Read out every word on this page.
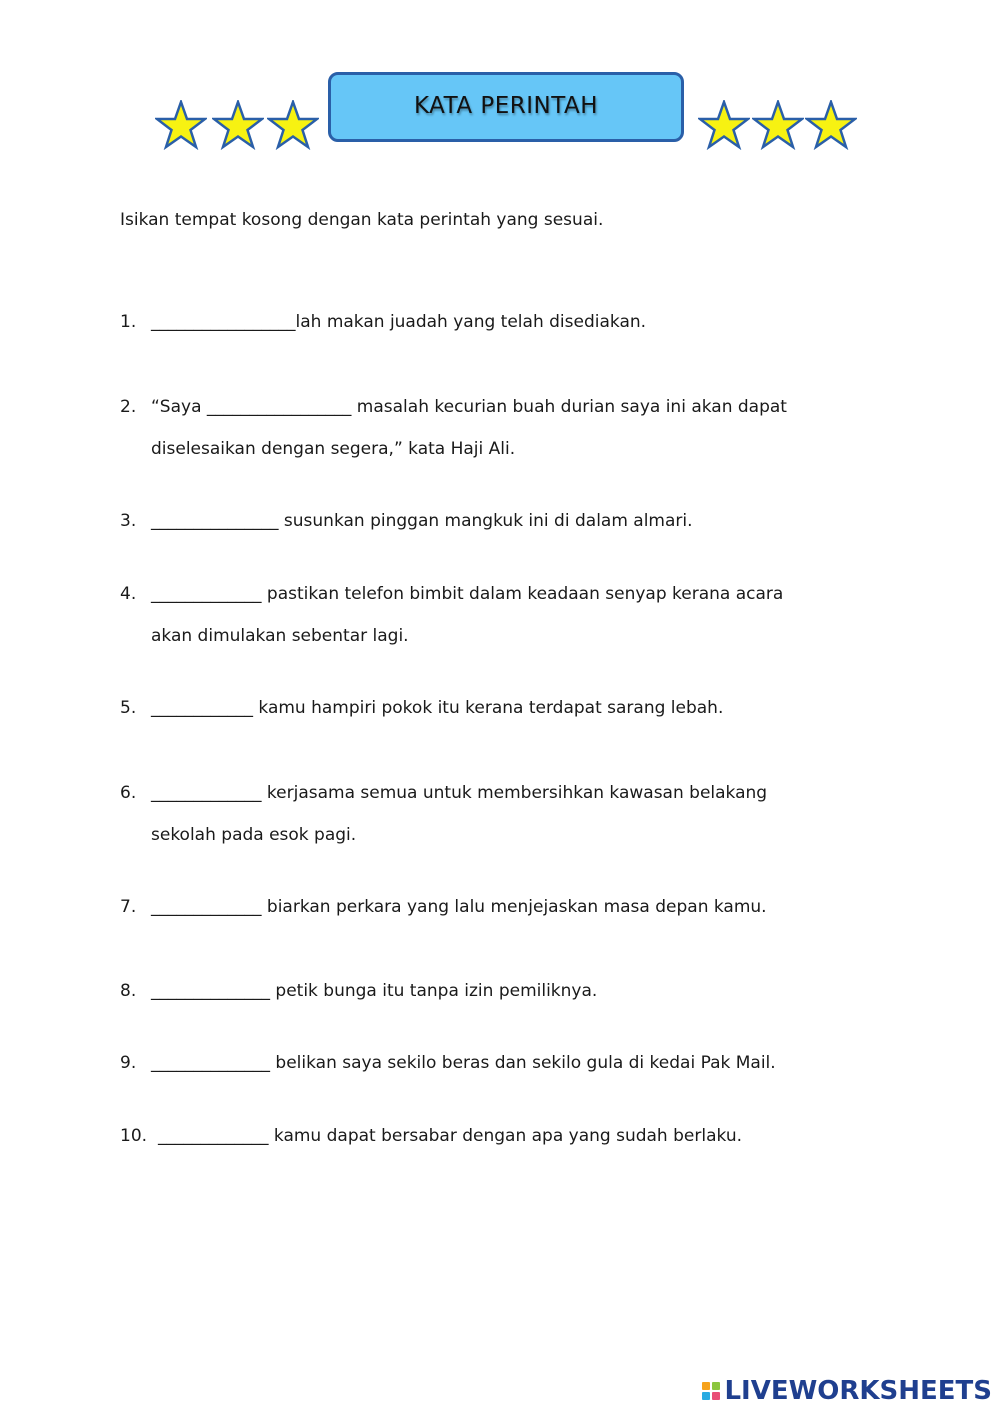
KATA PERINTAH
Isikan tempat kosong dengan kata perintah yang sesuai.
1. _________________lah makan juadah yang telah disediakan.
2. “Saya _________________ masalah kecurian buah durian saya ini akan dapat
diselesaikan dengan segera,” kata Haji Ali.
3. _______________ susunkan pinggan mangkuk ini di dalam almari.
4. _____________ pastikan telefon bimbit dalam keadaan senyap kerana acara
akan dimulakan sebentar lagi.
5. ____________ kamu hampiri pokok itu kerana terdapat sarang lebah.
6. _____________ kerjasama semua untuk membersihkan kawasan belakang
sekolah pada esok pagi.
7. _____________ biarkan perkara yang lalu menjejaskan masa depan kamu.
8. ______________ petik bunga itu tanpa izin pemiliknya.
9. ______________ belikan saya sekilo beras dan sekilo gula di kedai Pak Mail.
10. _____________ kamu dapat bersabar dengan apa yang sudah berlaku.
LIVEWORKSHEETS
